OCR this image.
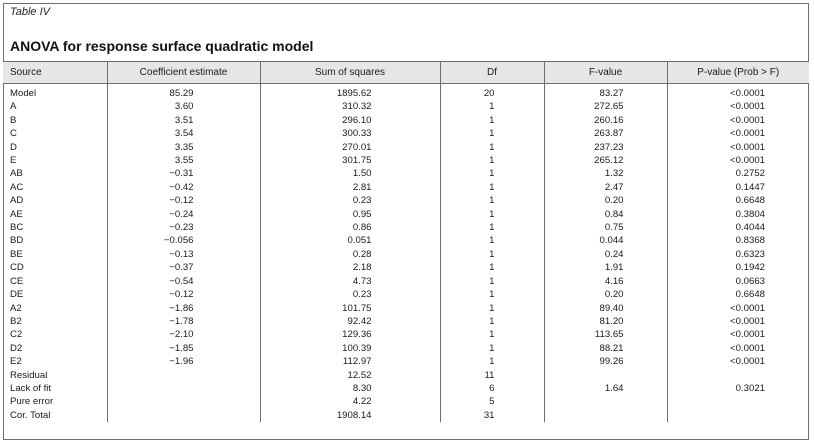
Table IV
ANOVA for response surface quadratic model
Source	Coefficient estimate	Sum of squares	Df	F-value	P-value (Prob > F)
Model	85.29	1895.62	20	83.27	<0.0001
A	3.60	310.32	1	272.65	<0.0001
B	3.51	296.10	1	260.16	<0.0001
C	3.54	300.33	1	263.87	<0.0001
D	3.35	270.01	1	237.23	<0.0001
E	3.55	301.75	1	265.12	<0.0001
AB	−0.31	1.50	1	1.32	0.2752
AC	−0.42	2.81	1	2.47	0.1447
AD	−0.12	0.23	1	0.20	0.6648
AE	−0.24	0.95	1	0.84	0.3804
BC	−0.23	0.86	1	0.75	0.4044
BD	−0.056	0.051	1	0.044	0.8368
BE	−0.13	0.28	1	0.24	0.6323
CD	−0.37	2.18	1	1.91	0.1942
CE	−0.54	4.73	1	4.16	0.0663
DE	−0.12	0.23	1	0.20	0.6648
A2	−1.86	101.75	1	89.40	<0.0001
B2	−1.78	92.42	1	81.20	<0.0001
C2	−2.10	129.36	1	113.65	<0.0001
D2	−1.85	100.39	1	88.21	<0.0001
E2	−1.96	112.97	1	99.26	<0.0001
Residual		12.52	11		
Lack of fit		8.30	6	1.64	0.3021
Pure error		4.22	5		
Cor. Total		1908.14	31		
